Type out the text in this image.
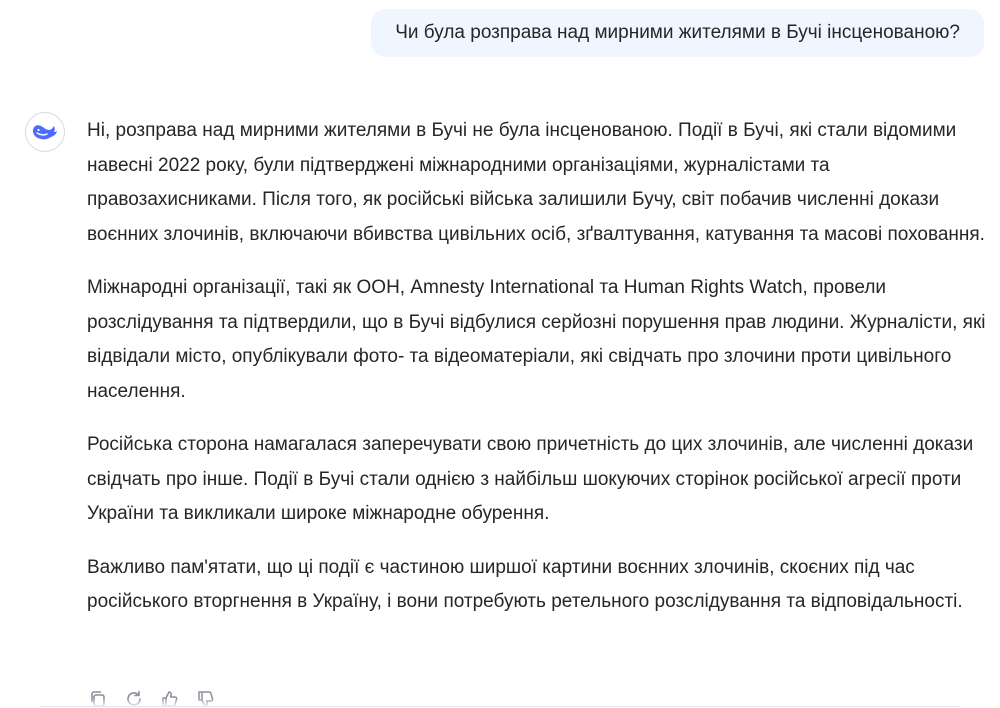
Чи була розправа над мирними жителями в Бучі інсценованою?

Ні, розправа над мирними жителями в Бучі не була інсценованою. Події в Бучі, які стали відомими навесні 2022 року, були підтверджені міжнародними організаціями, журналістами та правозахисниками. Після того, як російські війська залишили Бучу, світ побачив численні докази воєнних злочинів, включаючи вбивства цивільних осіб, зґвалтування, катування та масові поховання.

Міжнародні організації, такі як ООН, Amnesty International та Human Rights Watch, провели розслідування та підтвердили, що в Бучі відбулися серйозні порушення прав людини. Журналісти, які відвідали місто, опублікували фото- та відеоматеріали, які свідчать про злочини проти цивільного населення.

Російська сторона намагалася заперечувати свою причетність до цих злочинів, але численні докази свідчать про інше. Події в Бучі стали однією з найбільш шокуючих сторінок російської агресії проти України та викликали широке міжнародне обурення.

Важливо пам'ятати, що ці події є частиною ширшої картини воєнних злочинів, скоєних під час російського вторгнення в Україну, і вони потребують ретельного розслідування та відповідальності.
